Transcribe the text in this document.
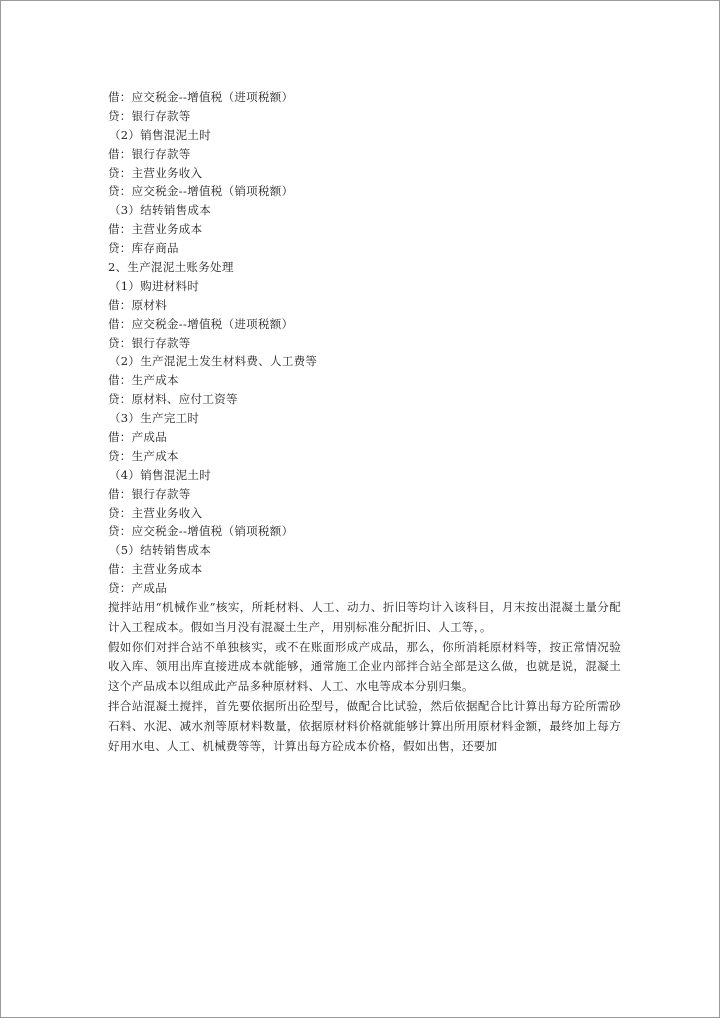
借：应交税金--增值税（进项税额）
贷：银行存款等
（2）销售混泥土时
借：银行存款等
贷：主营业务收入
贷：应交税金--增值税（销项税额）
（3）结转销售成本
借：主营业务成本
贷：库存商品
2、生产混泥土账务处理
（1）购进材料时
借：原材料
借：应交税金--增值税（进项税额）
贷：银行存款等
（2）生产混泥土发生材料费、人工费等
借：生产成本
贷：原材料、应付工资等
（3）生产完工时
借：产成品
贷：生产成本
（4）销售混泥土时
借：银行存款等
贷：主营业务收入
贷：应交税金--增值税（销项税额）
（5）结转销售成本
借：主营业务成本
贷：产成品

搅拌站用“机械作业”核实，所耗材料、人工、动力、折旧等均计入该科目，月末按出混凝土量分配计入工程成本。假如当月没有混凝土生产，用别标准分配折旧、人工等，。

假如你们对拌合站不单独核实，或不在账面形成产成品，那么，你所消耗原材料等，按正常情况验收入库、领用出库直接进成本就能够，通常施工企业内部拌合站全部是这么做，也就是说，混凝土这个产品成本以组成此产品多种原材料、人工、水电等成本分别归集。

拌合站混凝土搅拌，首先要依据所出砼型号，做配合比试验，然后依据配合比计算出每方砼所需砂石料、水泥、减水剂等原材料数量，依据原材料价格就能够计算出所用原材料金额，最终加上每方好用水电、人工、机械费等等，计算出每方砼成本价格，假如出售，还要加
